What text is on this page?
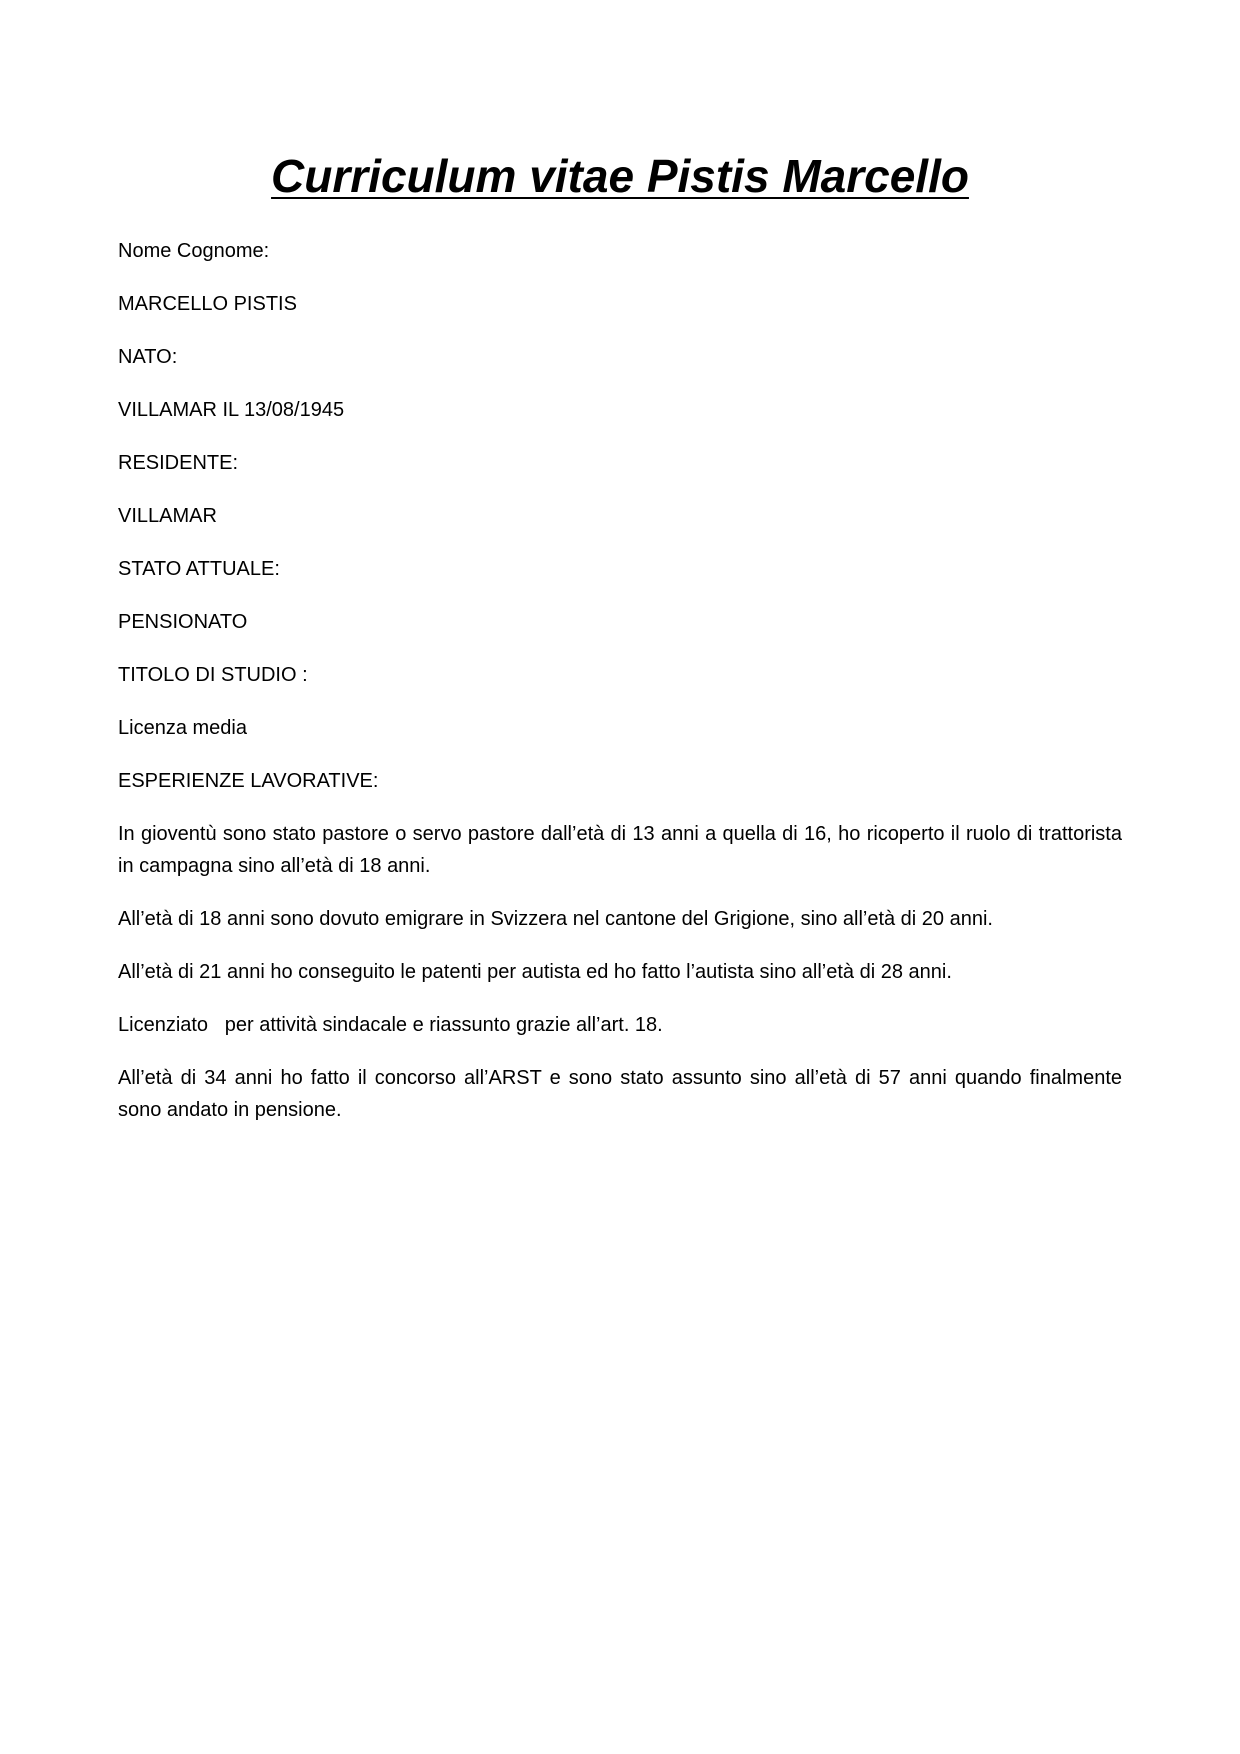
Curriculum vitae Pistis Marcello

Nome Cognome:

MARCELLO PISTIS

NATO:

VILLAMAR IL 13/08/1945

RESIDENTE:

VILLAMAR

STATO ATTUALE:

PENSIONATO

TITOLO DI STUDIO :

Licenza media

ESPERIENZE LAVORATIVE:

In gioventù sono stato pastore o servo pastore dall’età di 13 anni a quella di 16, ho ricoperto il ruolo di trattorista in campagna sino all’età di 18 anni.

All’età di 18 anni sono dovuto emigrare in Svizzera nel cantone del Grigione, sino all’età di 20 anni.

All’età di 21 anni ho conseguito le patenti per autista ed ho fatto l’autista sino all’età di 28 anni.

Licenziato   per attività sindacale e riassunto grazie all’art. 18.

All’età di 34 anni ho fatto il concorso all’ARST e sono stato assunto sino all’età di 57 anni quando finalmente sono andato in pensione.
